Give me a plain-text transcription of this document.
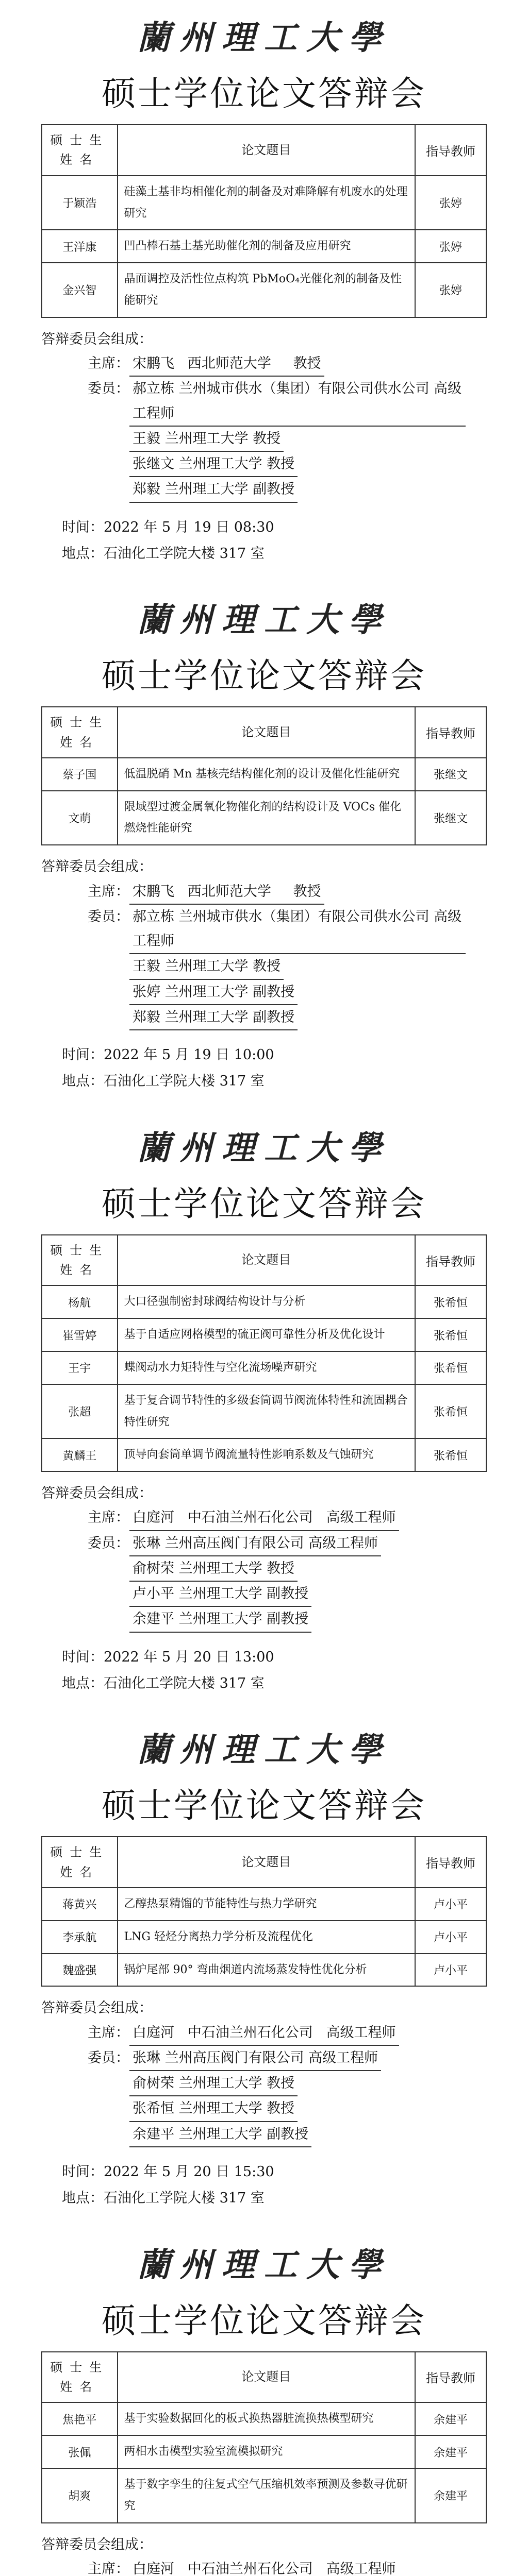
蘭州理工大學
硕士学位论文答辩会
硕士生姓名	论文题目	指导教师
于颖浩	硅藻土基非均相催化剂的制备及对难降解有机废水的处理研究	张婷
王洋康	凹凸棒石基土基光助催化剂的制备及应用研究	张婷
金兴智	晶面调控及活性位点构筑 PbMoO₄光催化剂的制备及性能研究	张婷
答辩委员会组成：
主席： 宋鹏飞   西北师范大学     教授
委员： 郝立栋 兰州城市供水（集团）有限公司供水公司 高级工程师
王毅 兰州理工大学 教授
张继文 兰州理工大学 教授
郑毅 兰州理工大学 副教授
时间：2022 年 5 月 19 日 08:30
地点：石油化工学院大楼 317 室
蘭州理工大學
硕士学位论文答辩会
硕士生姓名	论文题目	指导教师
蔡子国	低温脱硝 Mn 基核壳结构催化剂的设计及催化性能研究	张继文
文萌	限域型过渡金属氧化物催化剂的结构设计及 VOCs 催化燃烧性能研究	张继文
答辩委员会组成：
主席： 宋鹏飞   西北师范大学     教授
委员： 郝立栋 兰州城市供水（集团）有限公司供水公司 高级工程师
王毅 兰州理工大学 教授
张婷 兰州理工大学 副教授
郑毅 兰州理工大学 副教授
时间：2022 年 5 月 19 日 10:00
地点：石油化工学院大楼 317 室
蘭州理工大學
硕士学位论文答辩会
硕士生姓名	论文题目	指导教师
杨航	大口径强制密封球阀结构设计与分析	张希恒
崔雪婷	基于自适应网格模型的硫正阀可靠性分析及优化设计	张希恒
王宇	蝶阀动水力矩特性与空化流场噪声研究	张希恒
张超	基于复合调节特性的多级套筒调节阀流体特性和流固耦合特性研究	张希恒
黄麟王	顶导向套筒单调节阀流量特性影响系数及气蚀研究	张希恒
答辩委员会组成：
主席： 白庭河   中石油兰州石化公司   高级工程师
委员： 张琳 兰州高压阀门有限公司 高级工程师
俞树荣 兰州理工大学 教授
卢小平 兰州理工大学 副教授
余建平 兰州理工大学 副教授
时间：2022 年 5 月 20 日 13:00
地点：石油化工学院大楼 317 室
蘭州理工大學
硕士学位论文答辩会
硕士生姓名	论文题目	指导教师
蒋黄兴	乙醇热泵精馏的节能特性与热力学研究	卢小平
李承航	LNG 轻烃分离热力学分析及流程优化	卢小平
魏盛强	锅炉尾部 90° 弯曲烟道内流场蒸发特性优化分析	卢小平
答辩委员会组成：
主席： 白庭河   中石油兰州石化公司   高级工程师
委员： 张琳 兰州高压阀门有限公司 高级工程师
俞树荣 兰州理工大学 教授
张希恒 兰州理工大学 教授
余建平 兰州理工大学 副教授
时间：2022 年 5 月 20 日 15:30
地点：石油化工学院大楼 317 室
蘭州理工大學
硕士学位论文答辩会
硕士生姓名	论文题目	指导教师
焦艳平	基于实验数据回化的板式换热器脏流换热模型研究	余建平
张佩	两相水击模型实验室流模拟研究	余建平
胡爽	基于数字孪生的往复式空气压缩机效率预测及参数寻优研究	余建平
答辩委员会组成：
主席： 白庭河   中石油兰州石化公司   高级工程师
